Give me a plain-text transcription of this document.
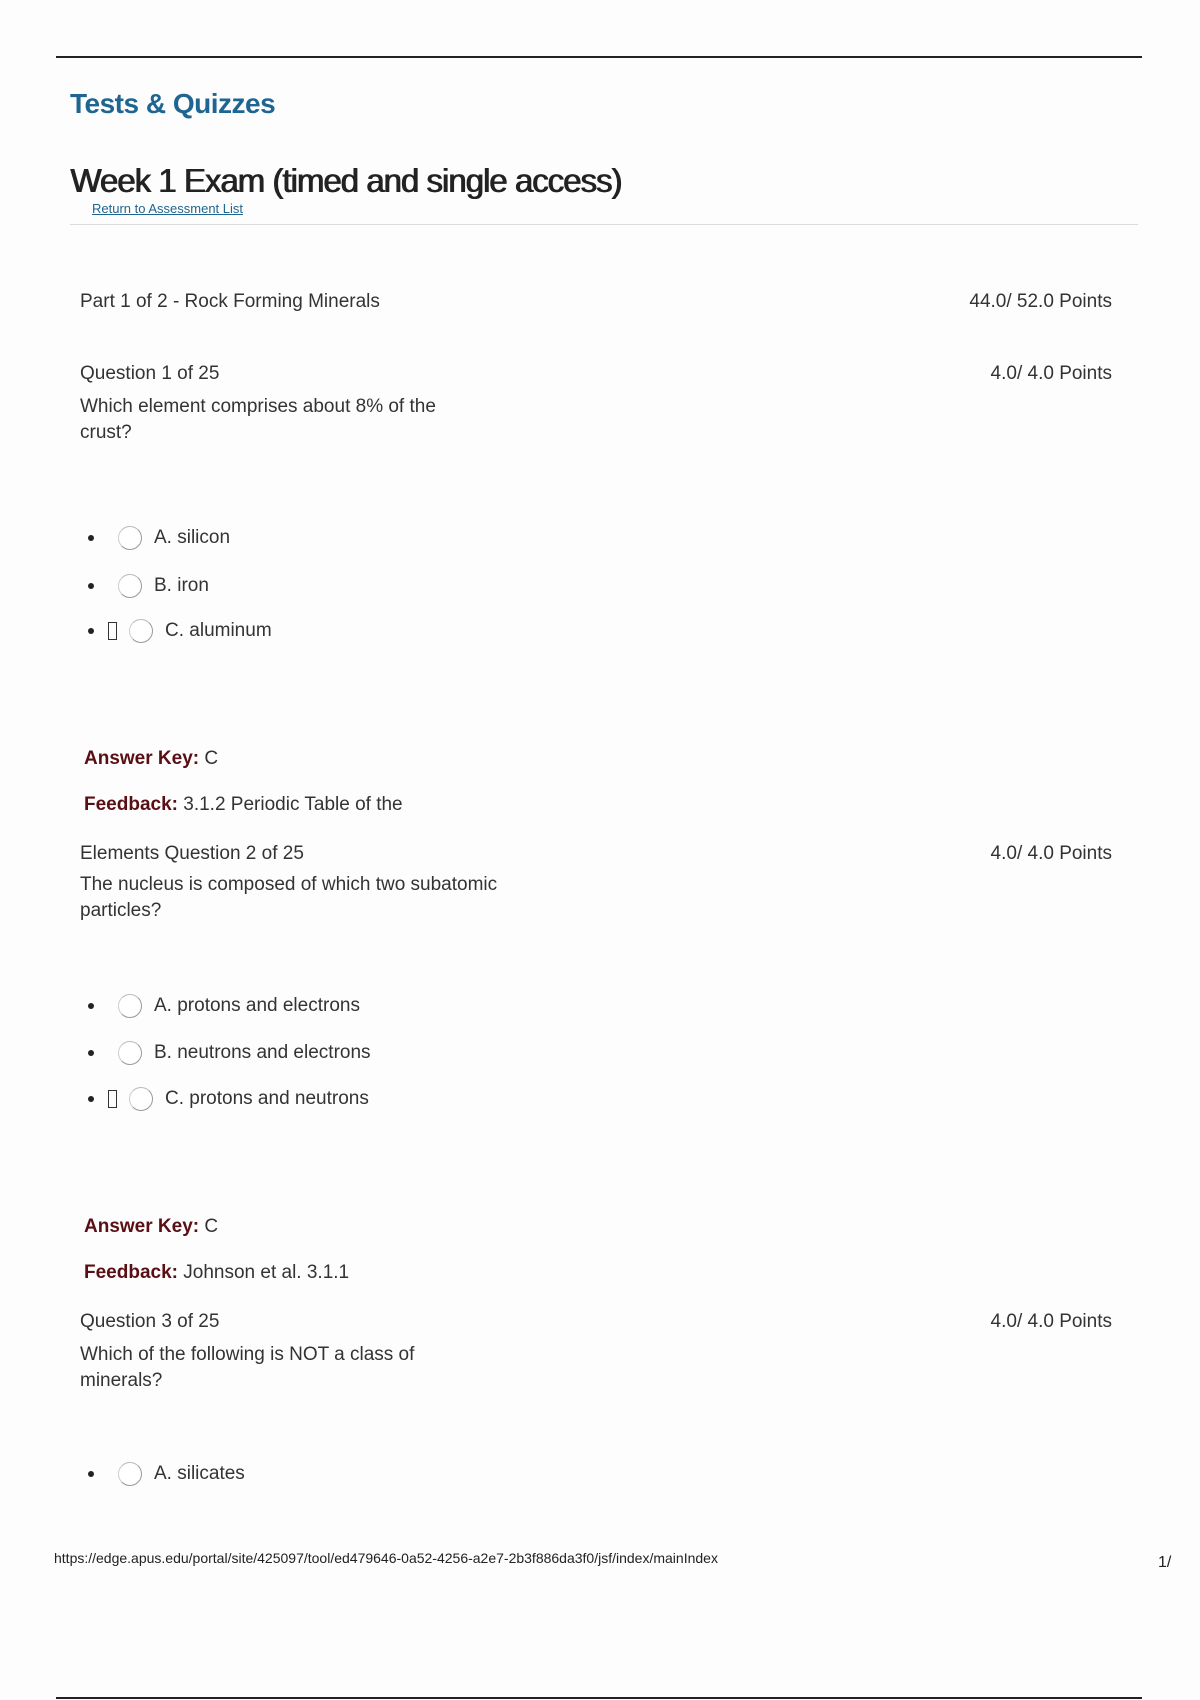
Tests & Quizzes
Week 1 Exam (timed and single access)
Return to Assessment List
Part 1 of 2 - Rock Forming Minerals	44.0/ 52.0 Points
Question 1 of 25	4.0/ 4.0 Points
Which element comprises about 8% of the
crust?
A. silicon
B. iron
C. aluminum
Answer Key: C
Feedback: 3.1.2 Periodic Table of the
Elements Question 2 of 25	4.0/ 4.0 Points
The nucleus is composed of which two subatomic
particles?
A. protons and electrons
B. neutrons and electrons
C. protons and neutrons
Answer Key: C
Feedback: Johnson et al. 3.1.1
Question 3 of 25	4.0/ 4.0 Points
Which of the following is NOT a class of
minerals?
A. silicates
https://edge.apus.edu/portal/site/425097/tool/ed479646-0a52-4256-a2e7-2b3f886da3f0/jsf/index/mainIndex	1/
